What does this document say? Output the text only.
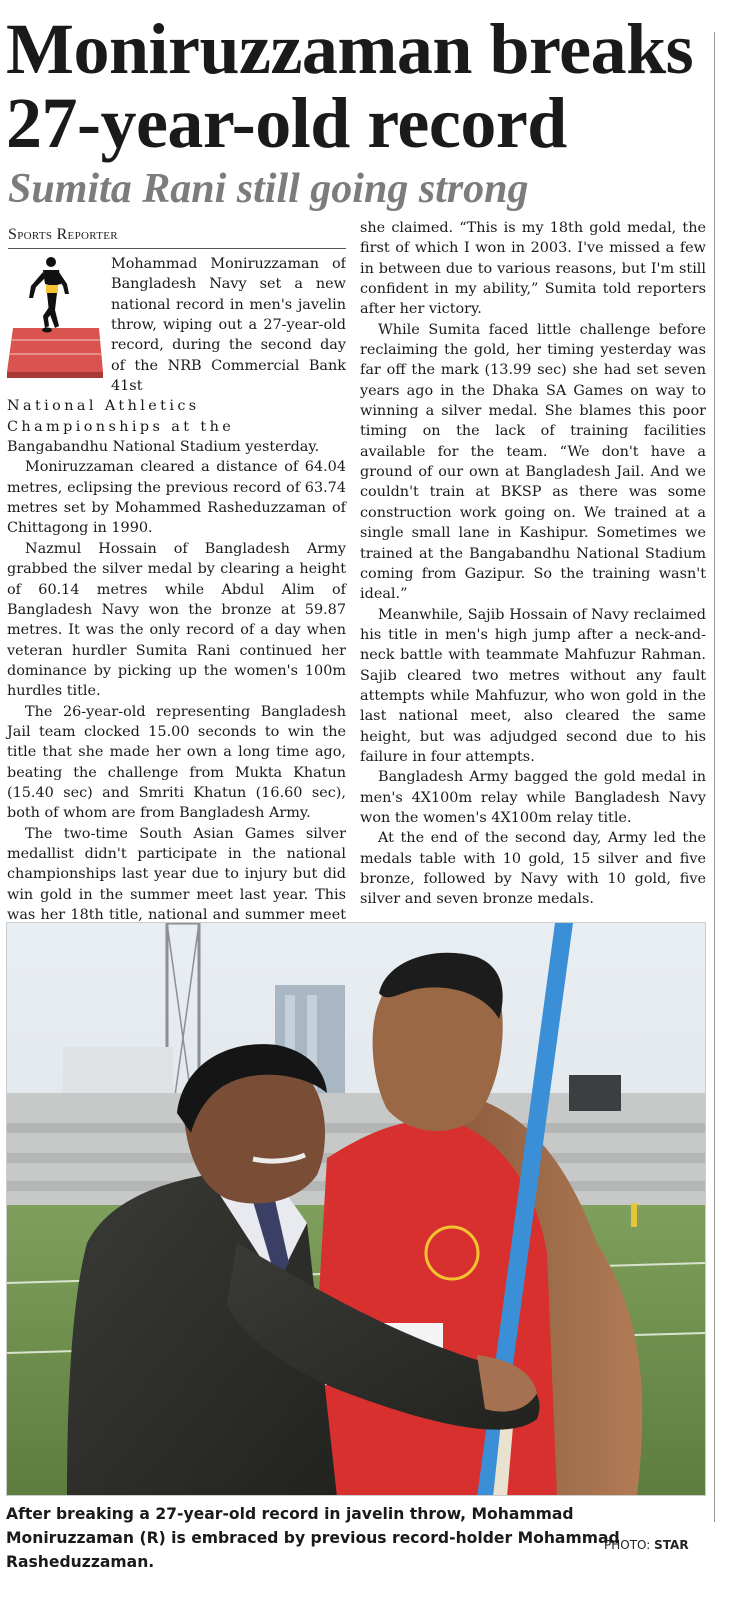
Moniruzzaman breaks
27-year-old record
Sumita Rani still going strong
Sports Reporter

Mohammad Moniruzzaman of Bangladesh Navy set a new national record in men's javelin throw, wiping out a 27-year-old record, during the second day of the NRB Commercial Bank 41st

National Athletics

Championships at the

Bangabandhu National Stadium yesterday.

Moniruzzaman cleared a distance of 64.04 metres, eclipsing the previous record of 63.74 metres set by Mohammed Rasheduzzaman of Chittagong in 1990.

Nazmul Hossain of Bangladesh Army grabbed the silver medal by clearing a height of 60.14 metres while Abdul Alim of Bangladesh Navy won the bronze at 59.87 metres. It was the only record of a day when veteran hurdler Sumita Rani continued her dominance by picking up the women's 100m hurdles title.

The 26-year-old representing Bangladesh Jail team clocked 15.00 seconds to win the title that she made her own a long time ago, beating the challenge from Mukta Khatun (15.40 sec) and Smriti Khatun (16.60 sec), both of whom are from Bangladesh Army.

The two-time South Asian Games silver medallist didn't participate in the national championships last year due to injury but did win gold in the summer meet last year. This was her 18th title, national and summer meet

she claimed. “This is my 18th gold medal, the first of which I won in 2003. I've missed a few in between due to various reasons, but I'm still confident in my ability,” Sumita told reporters after her victory.

While Sumita faced little challenge before reclaiming the gold, her timing yesterday was far off the mark (13.99 sec) she had set seven years ago in the Dhaka SA Games on way to winning a silver medal. She blames this poor timing on the lack of training facilities available for the team. “We don't have a ground of our own at Bangladesh Jail. And we couldn't train at BKSP as there was some construction work going on. We trained at a single small lane in Kashipur. Sometimes we trained at the Bangabandhu National Stadium coming from Gazipur. So the training wasn't ideal.”

Meanwhile, Sajib Hossain of Navy reclaimed his title in men's high jump after a neck-and-neck battle with teammate Mahfuzur Rahman. Sajib cleared two metres without any fault attempts while Mahfuzur, who won gold in the last national meet, also cleared the same height, but was adjudged second due to his failure in four attempts.

Bangladesh Army bagged the gold medal in men's 4X100m relay while Bangladesh Navy won the women's 4X100m relay title.

At the end of the second day, Army led the medals table with 10 gold, 15 silver and five bronze, followed by Navy with 10 gold, five silver and seven bronze medals.

After breaking a 27-year-old record in javelin throw, Mohammad Moniruzzaman (R) is embraced by previous record-holder Mohammad Rasheduzzaman.
PHOTO: STAR
